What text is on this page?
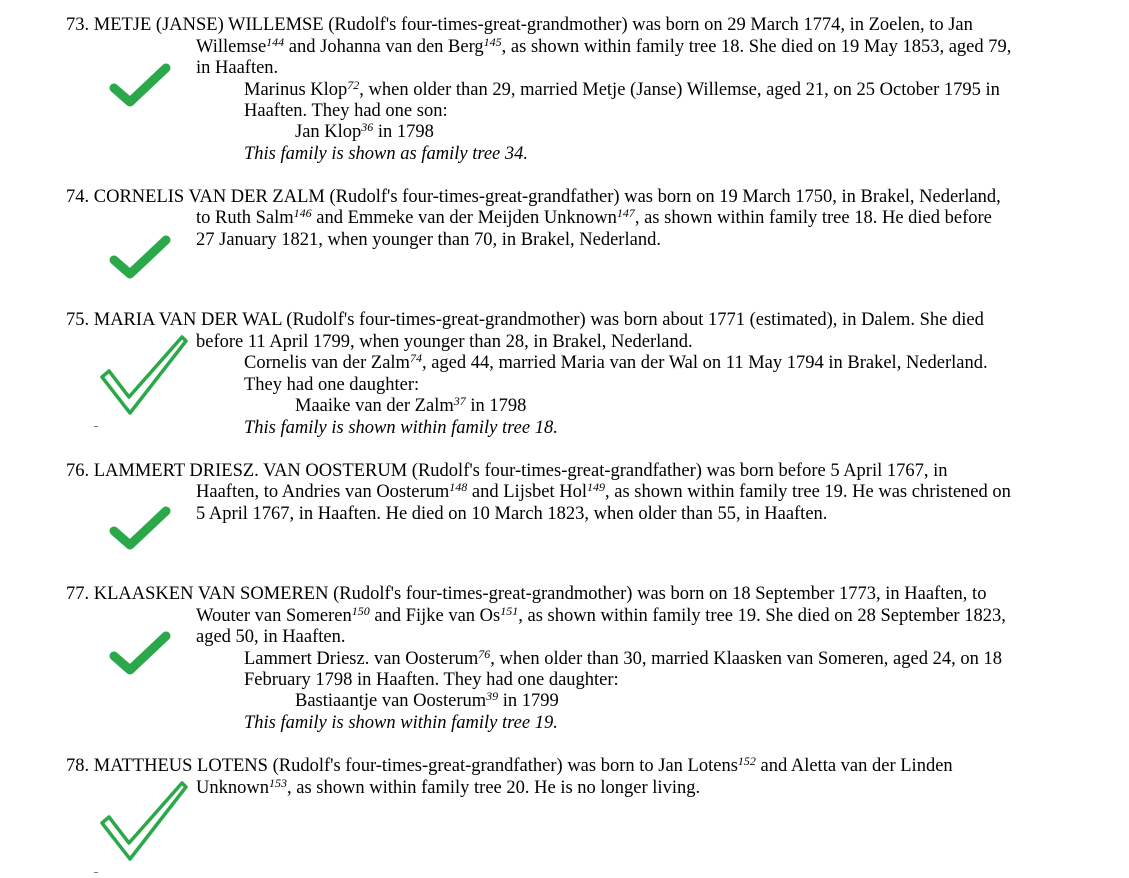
73. METJE (JANSE) WILLEMSE (Rudolf's four-times-great-grandmother) was born on 29 March 1774, in Zoelen, to Jan
Willemse$^{144}$ and Johanna van den Berg$^{145}$, as shown within family tree 18. She died on 19 May 1853, aged 79,
in Haaften.
Marinus Klop$^{72}$, when older than 29, married Metje (Janse) Willemse, aged 21, on 25 October 1795 in
Haaften. They had one son:
Jan Klop$^{36}$ in 1798
This family is shown as family tree 34.
74. CORNELIS VAN DER ZALM (Rudolf's four-times-great-grandfather) was born on 19 March 1750, in Brakel, Nederland,
to Ruth Salm$^{146}$ and Emmeke van der Meijden Unknown$^{147}$, as shown within family tree 18. He died before
27 January 1821, when younger than 70, in Brakel, Nederland.
75. MARIA VAN DER WAL (Rudolf's four-times-great-grandmother) was born about 1771 (estimated), in Dalem. She died
before 11 April 1799, when younger than 28, in Brakel, Nederland.
Cornelis van der Zalm$^{74}$, aged 44, married Maria van der Wal on 11 May 1794 in Brakel, Nederland.
They had one daughter:
Maaike van der Zalm$^{37}$ in 1798
This family is shown within family tree 18.
76. LAMMERT DRIESZ. VAN OOSTERUM (Rudolf's four-times-great-grandfather) was born before 5 April 1767, in
Haaften, to Andries van Oosterum$^{148}$ and Lijsbet Hol$^{149}$, as shown within family tree 19. He was christened on
5 April 1767, in Haaften. He died on 10 March 1823, when older than 55, in Haaften.
77. KLAASKEN VAN SOMEREN (Rudolf's four-times-great-grandmother) was born on 18 September 1773, in Haaften, to
Wouter van Someren$^{150}$ and Fijke van Os$^{151}$, as shown within family tree 19. She died on 28 September 1823,
aged 50, in Haaften.
Lammert Driesz. van Oosterum$^{76}$, when older than 30, married Klaasken van Someren, aged 24, on 18
February 1798 in Haaften. They had one daughter:
Bastiaantje van Oosterum$^{39}$ in 1799
This family is shown within family tree 19.
78. MATTHEUS LOTENS (Rudolf's four-times-great-grandfather) was born to Jan Lotens$^{152}$ and Aletta van der Linden
Unknown$^{153}$, as shown within family tree 20. He is no longer living.
